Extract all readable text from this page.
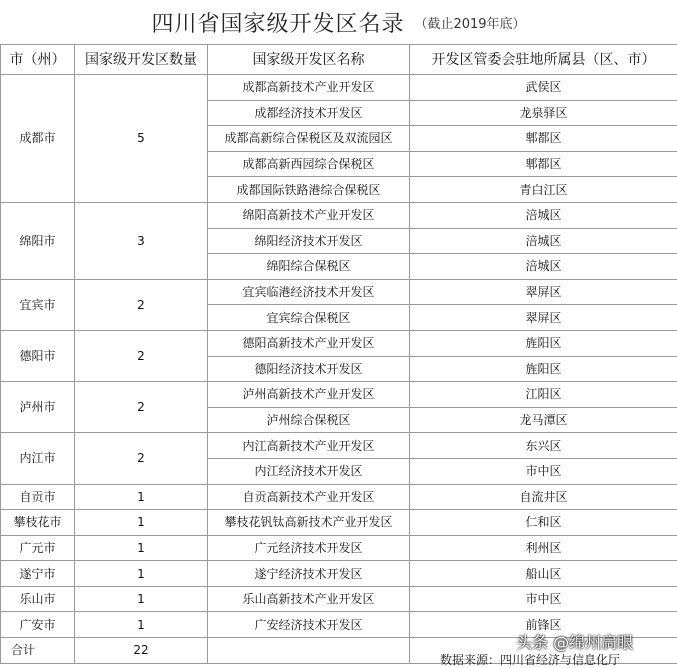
四川省国家级开发区名录 （截止2019年底）
市（州）	国家级开发区数量	国家级开发区名称	开发区管委会驻地所属县（区、市）
成都市	5	成都高新技术产业开发区	武侯区
		成都经济技术开发区	龙泉驿区
		成都高新综合保税区及双流园区	郫都区
		成都高新西园综合保税区	郫都区
		成都国际铁路港综合保税区	青白江区
绵阳市	3	绵阳高新技术产业开发区	涪城区
		绵阳经济技术开发区	涪城区
		绵阳综合保税区	涪城区
宜宾市	2	宜宾临港经济技术开发区	翠屏区
		宜宾综合保税区	翠屏区
德阳市	2	德阳高新技术产业开发区	旌阳区
		德阳经济技术开发区	旌阳区
泸州市	2	泸州高新技术产业开发区	江阳区
		泸州综合保税区	龙马潭区
内江市	2	内江高新技术产业开发区	东兴区
		内江经济技术开发区	市中区
自贡市	1	自贡高新技术产业开发区	自流井区
攀枝花市	1	攀枝花钒钛高新技术产业开发区	仁和区
广元市	1	广元经济技术开发区	利州区
遂宁市	1	遂宁经济技术开发区	船山区
乐山市	1	乐山高新技术产业开发区	市中区
广安市	1	广安经济技术开发区	前锋区
合计	22		
数据来源：四川省经济与信息化厅
头条 @绵州扃眼
